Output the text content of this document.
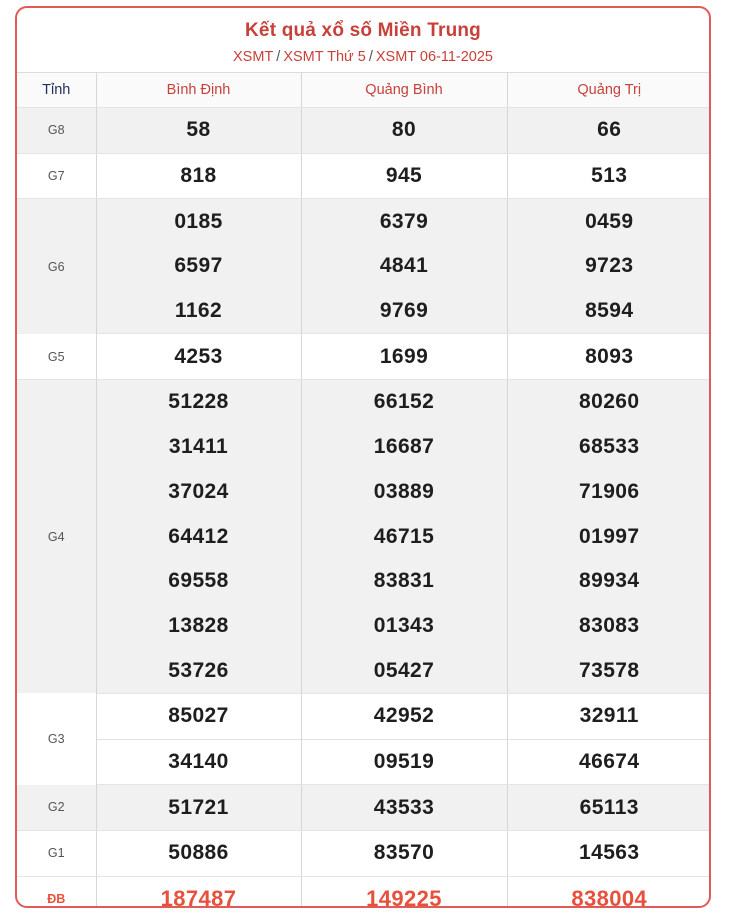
Kết quả xổ số Miền Trung
XSMT / XSMT Thứ 5 / XSMT 06-11-2025
Tỉnh	Bình Định	Quảng Bình	Quảng Trị
G8	58	80	66
G7	818	945	513
G6	0185	6379	0459
	6597	4841	9723
	1162	9769	8594
G5	4253	1699	8093
G4	51228	66152	80260
	31411	16687	68533
	37024	03889	71906
	64412	46715	01997
	69558	83831	89934
	13828	01343	83083
	53726	05427	73578
G3	85027	42952	32911
	34140	09519	46674
G2	51721	43533	65113
G1	50886	83570	14563
ĐB	187487	149225	838004
